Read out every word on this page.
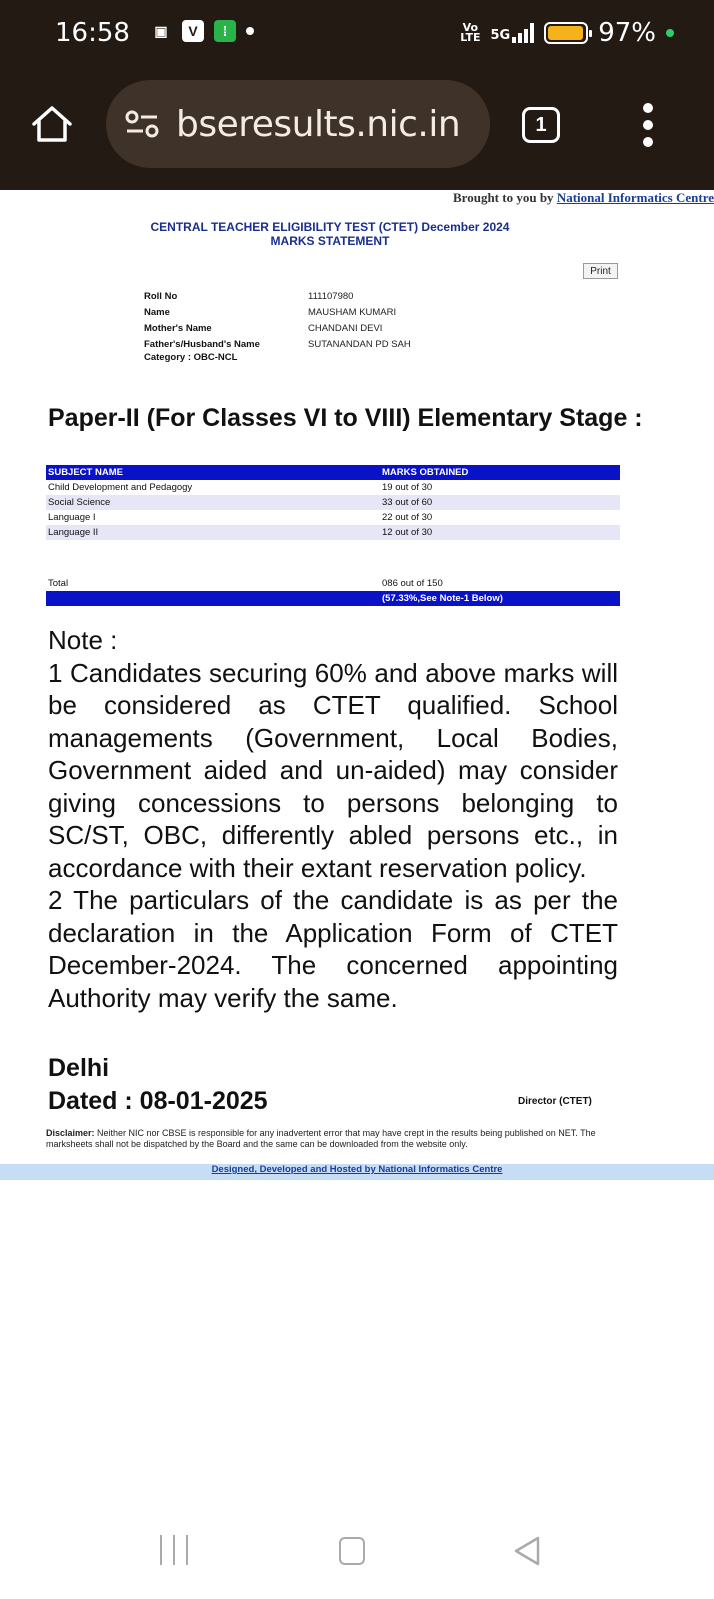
16:58	▣	V	⁞	Vo
LTE 5G	97%
bseresults.nic.in	1
Brought to you by National Informatics Centre
CENTRAL TEACHER ELIGIBILITY TEST (CTET) December 2024
MARKS STATEMENT
Print
Roll No	111107980
Name	MAUSHAM KUMARI
Mother's Name	CHANDANI DEVI
Father's/Husband's Name	SUTANANDAN PD SAH
Category : OBC-NCL
Paper-II (For Classes VI to VIII) Elementary Stage :
SUBJECT NAME	MARKS OBTAINED
Child Development and Pedagogy	19 out of 30
Social Science	33 out of 60
Language I	22 out of 30
Language II	12 out of 30
Total	086 out of 150
(57.33%,See Note-1 Below)
Note :
1 Candidates securing 60% and above marks will be considered as CTET qualified. School managements (Government, Local Bodies, Government aided and un-aided) may consider giving concessions to persons belonging to SC/ST, OBC, differently abled persons etc., in accordance with their extant reservation policy.
2 The particulars of the candidate is as per the declaration in the Application Form of CTET December-2024. The concerned appointing Authority may verify the same.
Delhi
Dated : 08-01-2025	Director (CTET)
Disclaimer: Neither NIC nor CBSE is responsible for any inadvertent error that may have crept in the results being published on NET. The marksheets shall not be dispatched by the Board and the same can be downloaded from the website only.
Designed, Developed and Hosted by National Informatics Centre
